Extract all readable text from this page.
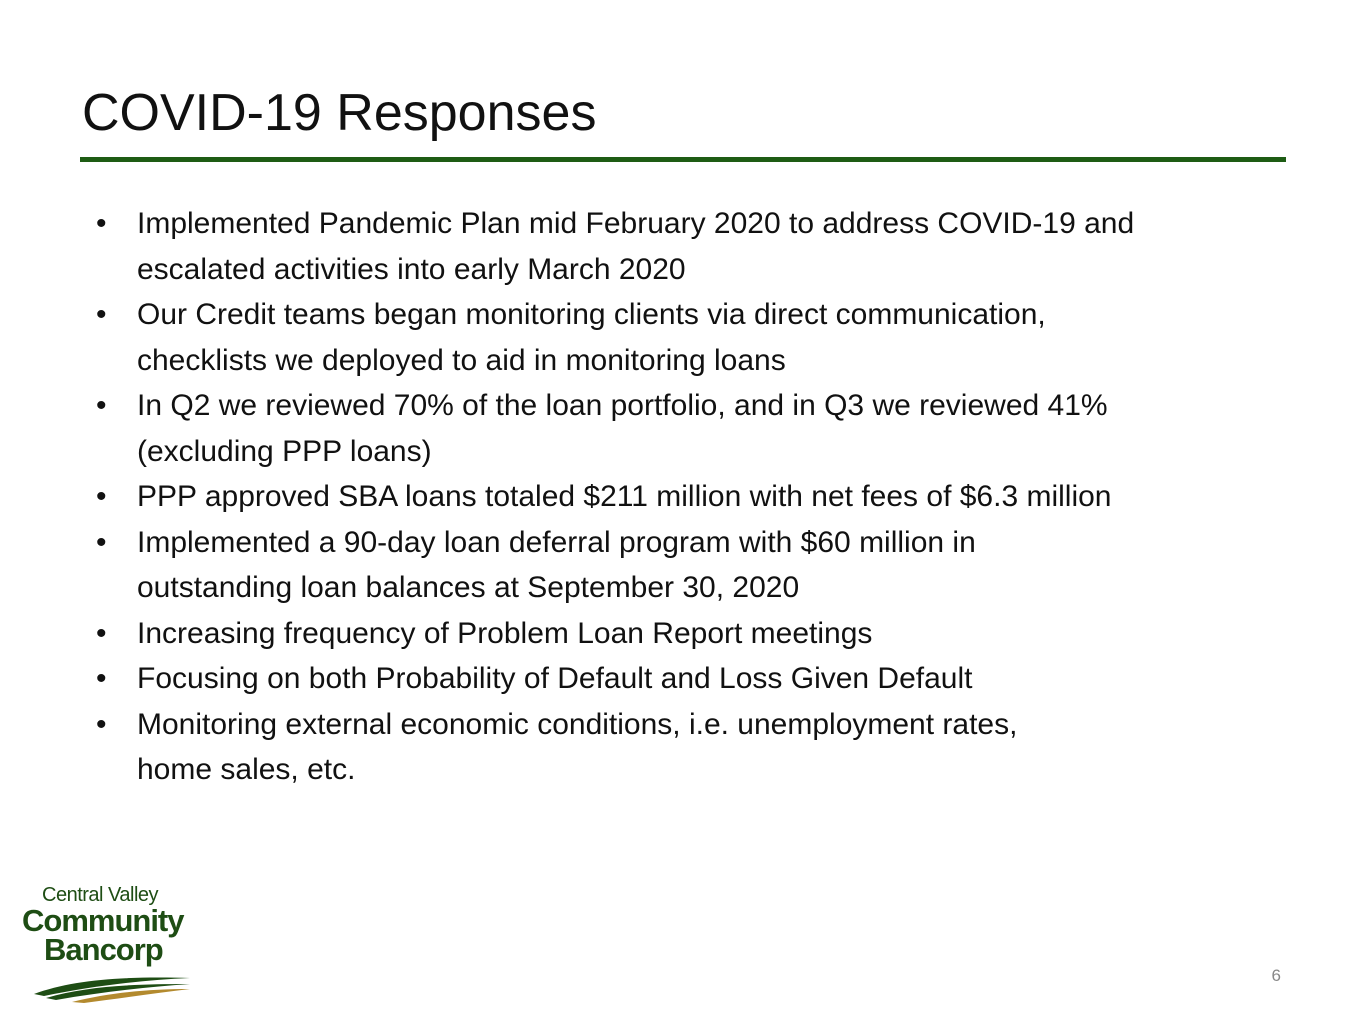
COVID-19 Responses
• Implemented Pandemic Plan mid February 2020 to address COVID-19 and
escalated activities into early March 2020
• Our Credit teams began monitoring clients via direct communication,
checklists we deployed to aid in monitoring loans
• In Q2 we reviewed 70% of the loan portfolio, and in Q3 we reviewed 41%
(excluding PPP loans)
• PPP approved SBA loans totaled $211 million with net fees of $6.3 million
• Implemented a 90-day loan deferral program with $60 million in
outstanding loan balances at September 30, 2020
• Increasing frequency of Problem Loan Report meetings
• Focusing on both Probability of Default and Loss Given Default
• Monitoring external economic conditions, i.e. unemployment rates,
home sales, etc.
Central Valley
Community
Bancorp
6
